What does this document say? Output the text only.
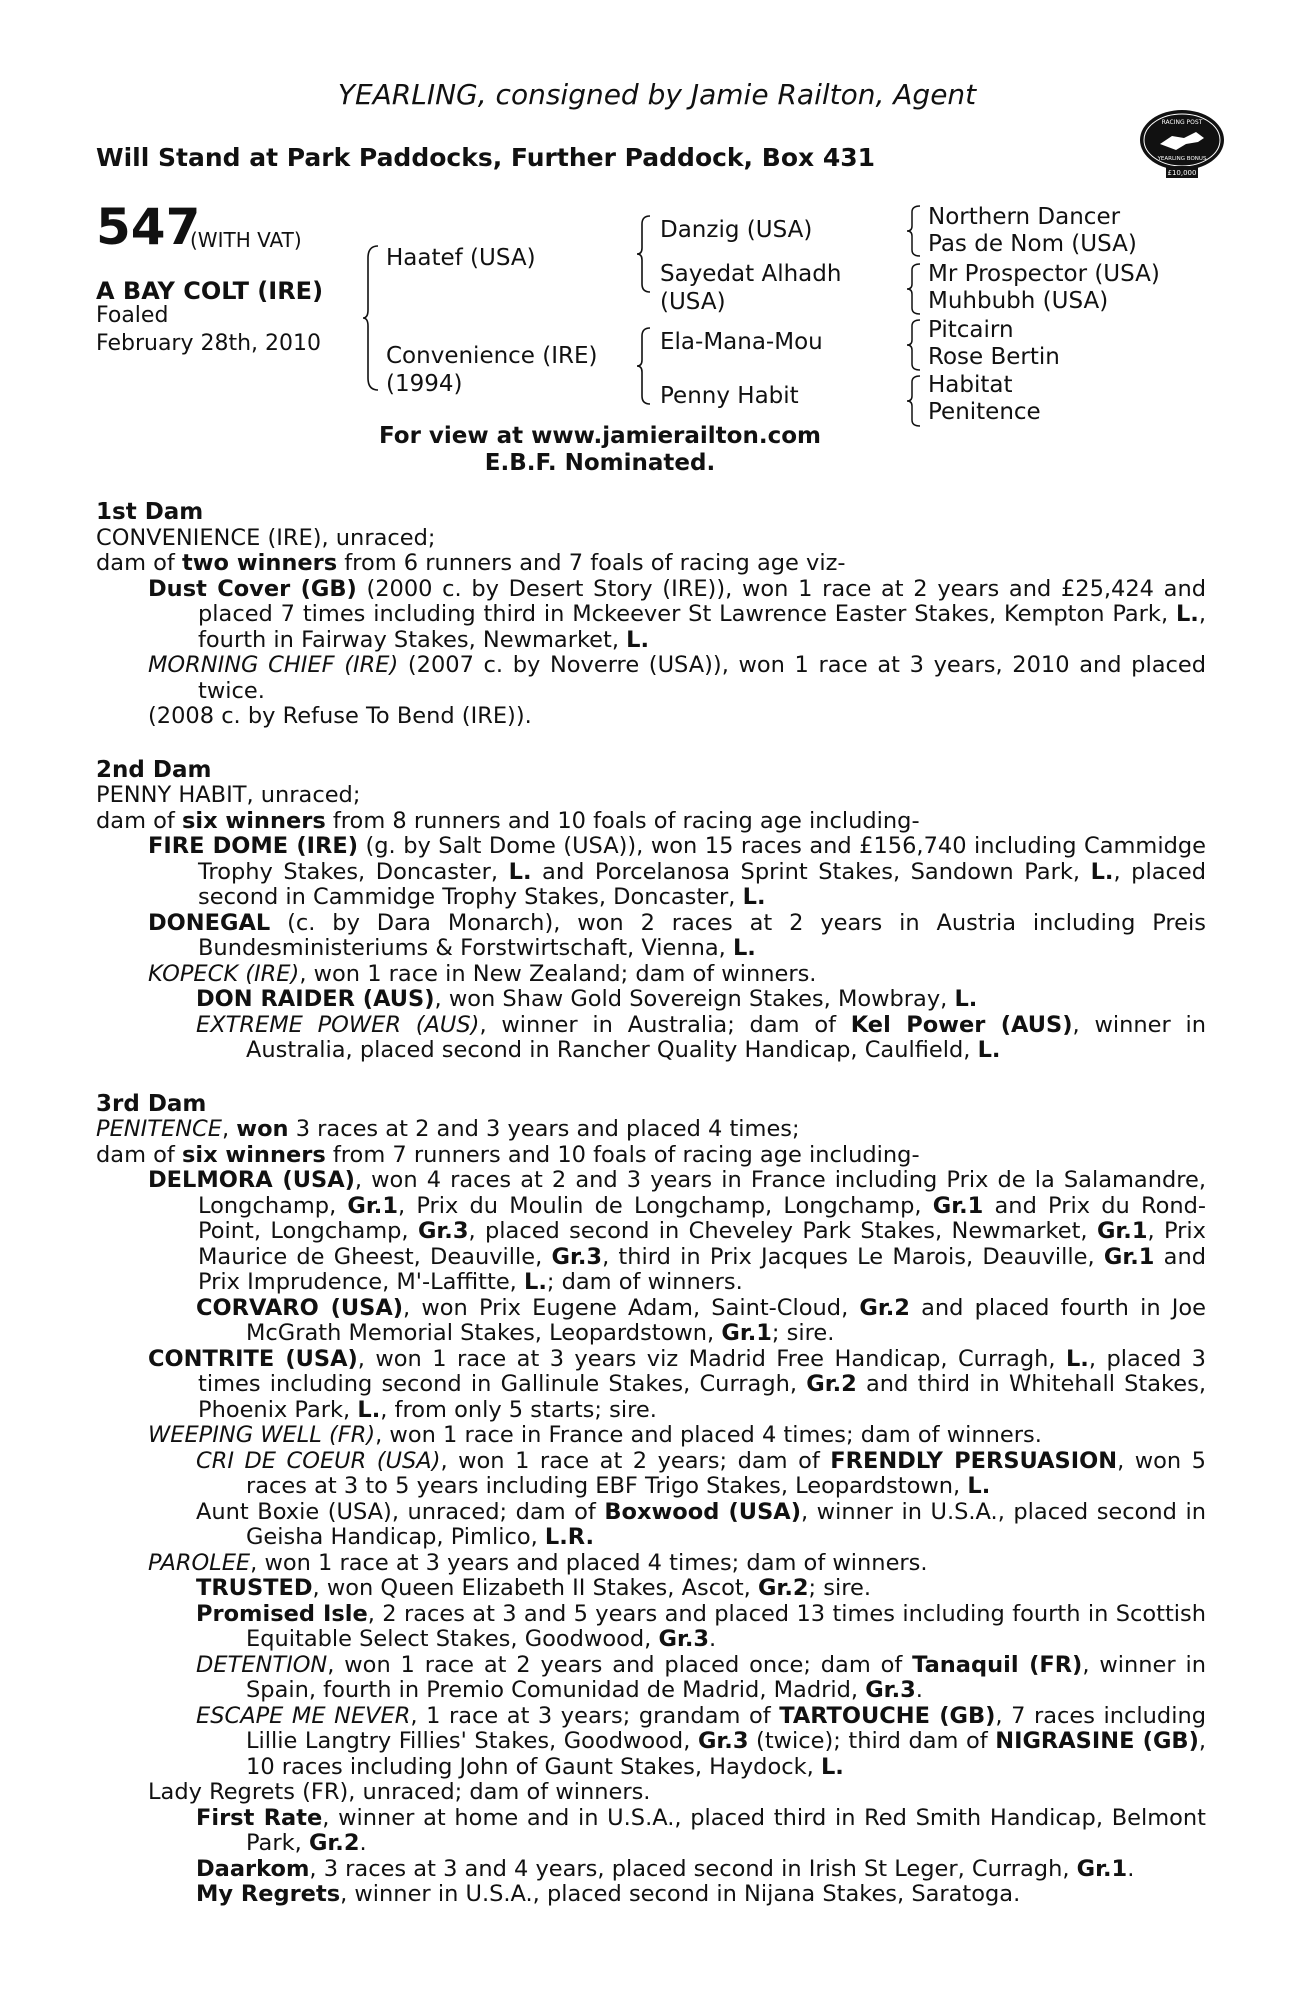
YEARLING, consigned by Jamie Railton, Agent
Will Stand at Park Paddocks, Further Paddock, Box 431
RACING POST
YEARLING BONUS
£10,000
547
(WITH VAT)
A BAY COLT (IRE)
Foaled
February 28th, 2010
Haatef (USA)
Convenience (IRE)
(1994)
Danzig (USA)
Sayedat Alhadh
(USA)
Ela-Mana-Mou
Penny Habit
Northern Dancer
Pas de Nom (USA)
Mr Prospector (USA)
Muhbubh (USA)
Pitcairn
Rose Bertin
Habitat
Penitence
For view at www.jamierailton.com
E.B.F. Nominated.
1st Dam

CONVENIENCE (IRE), unraced;

dam of two winners from 6 runners and 7 foals of racing age viz-

Dust Cover (GB) (2000 c. by Desert Story (IRE)), won 1 race at 2 years and £25,424 and placed 7 times including third in Mckeever St Lawrence Easter Stakes, Kempton Park, L., fourth in Fairway Stakes, Newmarket, L.

MORNING CHIEF (IRE) (2007 c. by Noverre (USA)), won 1 race at 3 years, 2010 and placed twice.

(2008 c. by Refuse To Bend (IRE)).

2nd Dam

PENNY HABIT, unraced;

dam of six winners from 8 runners and 10 foals of racing age including-

FIRE DOME (IRE) (g. by Salt Dome (USA)), won 15 races and £156,740 including Cammidge Trophy Stakes, Doncaster, L. and Porcelanosa Sprint Stakes, Sandown Park, L., placed second in Cammidge Trophy Stakes, Doncaster, L.

DONEGAL (c. by Dara Monarch), won 2 races at 2 years in Austria including Preis Bundesministeriums & Forstwirtschaft, Vienna, L.

KOPECK (IRE), won 1 race in New Zealand; dam of winners.

DON RAIDER (AUS), won Shaw Gold Sovereign Stakes, Mowbray, L.

EXTREME POWER (AUS), winner in Australia; dam of Kel Power (AUS), winner in Australia, placed second in Rancher Quality Handicap, Caulfield, L.

3rd Dam

PENITENCE, won 3 races at 2 and 3 years and placed 4 times;

dam of six winners from 7 runners and 10 foals of racing age including-

DELMORA (USA), won 4 races at 2 and 3 years in France including Prix de la Salamandre, Longchamp, Gr.1, Prix du Moulin de Longchamp, Longchamp, Gr.1 and Prix du Rond-Point, Longchamp, Gr.3, placed second in Cheveley Park Stakes, Newmarket, Gr.1, Prix Maurice de Gheest, Deauville, Gr.3, third in Prix Jacques Le Marois, Deauville, Gr.1 and Prix Imprudence, M'-Laffitte, L.; dam of winners.

CORVARO (USA), won Prix Eugene Adam, Saint-Cloud, Gr.2 and placed fourth in Joe McGrath Memorial Stakes, Leopardstown, Gr.1; sire.

CONTRITE (USA), won 1 race at 3 years viz Madrid Free Handicap, Curragh, L., placed 3 times including second in Gallinule Stakes, Curragh, Gr.2 and third in Whitehall Stakes, Phoenix Park, L., from only 5 starts; sire.

WEEPING WELL (FR), won 1 race in France and placed 4 times; dam of winners.

CRI DE COEUR (USA), won 1 race at 2 years; dam of FRENDLY PERSUASION, won 5 races at 3 to 5 years including EBF Trigo Stakes, Leopardstown, L.

Aunt Boxie (USA), unraced; dam of Boxwood (USA), winner in U.S.A., placed second in Geisha Handicap, Pimlico, L.R.

PAROLEE, won 1 race at 3 years and placed 4 times; dam of winners.

TRUSTED, won Queen Elizabeth II Stakes, Ascot, Gr.2; sire.

Promised Isle, 2 races at 3 and 5 years and placed 13 times including fourth in Scottish Equitable Select Stakes, Goodwood, Gr.3.

DETENTION, won 1 race at 2 years and placed once; dam of Tanaquil (FR), winner in Spain, fourth in Premio Comunidad de Madrid, Madrid, Gr.3.

ESCAPE ME NEVER, 1 race at 3 years; grandam of TARTOUCHE (GB), 7 races including Lillie Langtry Fillies' Stakes, Goodwood, Gr.3 (twice); third dam of NIGRASINE (GB), 10 races including John of Gaunt Stakes, Haydock, L.

Lady Regrets (FR), unraced; dam of winners.

First Rate, winner at home and in U.S.A., placed third in Red Smith Handicap, Belmont Park, Gr.2.

Daarkom, 3 races at 3 and 4 years, placed second in Irish St Leger, Curragh, Gr.1.

My Regrets, winner in U.S.A., placed second in Nijana Stakes, Saratoga.
